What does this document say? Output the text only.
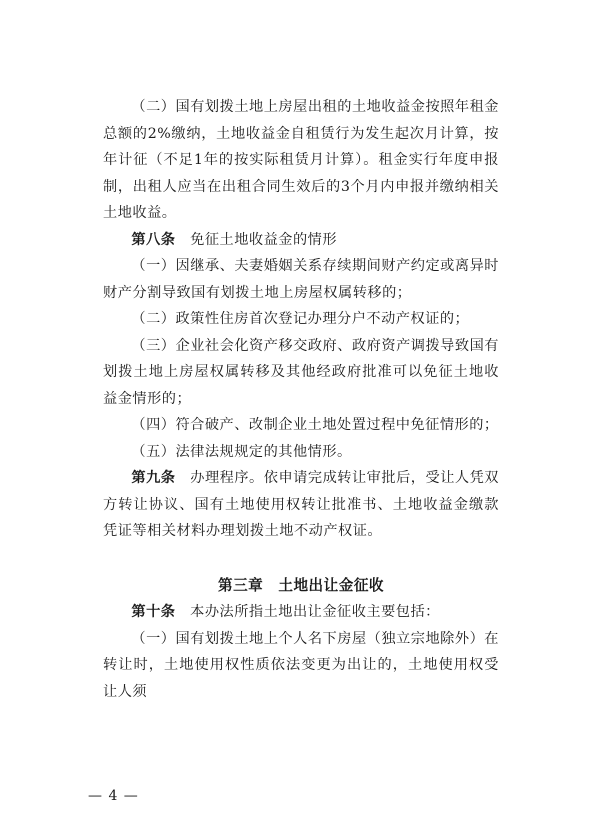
（二）国有划拨土地上房屋出租的土地收益金按照年租金总额的2%缴纳，土地收益金自租赁行为发生起次月计算，按年计征（不足1年的按实际租赁月计算）。租金实行年度申报制，出租人应当在出租合同生效后的3个月内申报并缴纳相关土地收益。

第八条　 免征土地收益金的情形

（一）因继承、夫妻婚姻关系存续期间财产约定或离异时财产分割导致国有划拨土地上房屋权属转移的；

（二）政策性住房首次登记办理分户不动产权证的；

（三）企业社会化资产移交政府、政府资产调拨导致国有划拨土地上房屋权属转移及其他经政府批准可以免征土地收益金情形的；

（四）符合破产、改制企业土地处置过程中免征情形的；

（五）法律法规规定的其他情形。

第九条　 办理程序。依申请完成转让审批后，受让人凭双方转让协议、国有土地使用权转让批准书、土地收益金缴款凭证等相关材料办理划拨土地不动产权证。

第三章　土地出让金征收

第十条　 本办法所指土地出让金征收主要包括：

（一）国有划拨土地上个人名下房屋（独立宗地除外）在转让时，土地使用权性质依法变更为出让的，土地使用权受让人须

— 4 —
